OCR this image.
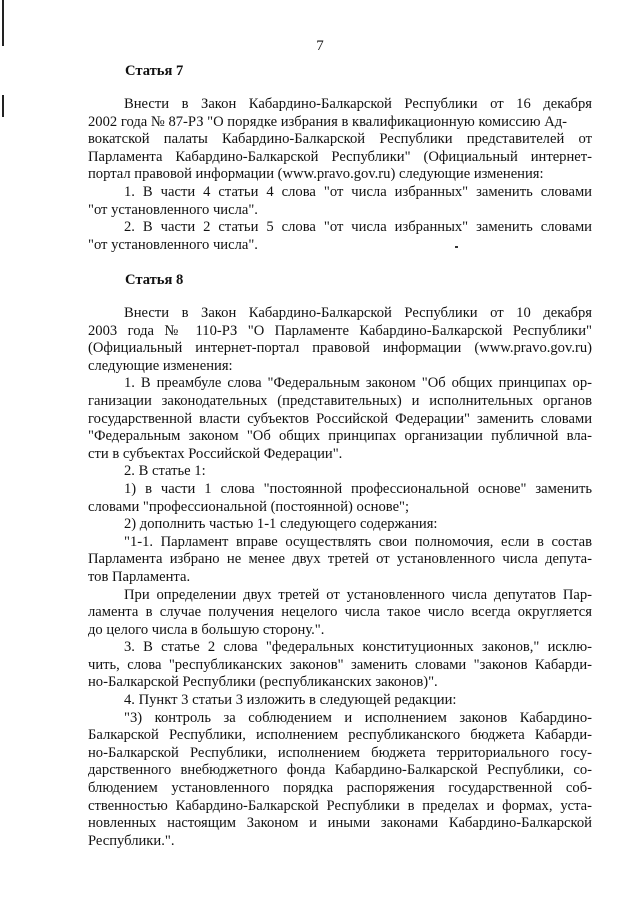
7
Статья 7

Внести в Закон Кабардино-Балкарской Республики от 16 декабря

2002 года № 87-РЗ "О порядке избрания в квалификационную комиссию Ад-

вокатской палаты Кабардино-Балкарской Республики представителей от

Парламента Кабардино-Балкарской Республики" (Официальный интернет-

портал правовой информации (www.pravo.gov.ru) следующие изменения:

1. В части 4 статьи 4 слова "от числа избранных" заменить словами

"от установленного числа".

2. В части 2 статьи 5 слова "от числа избранных" заменить словами

"от установленного числа".

Статья 8

Внести в Закон Кабардино-Балкарской Республики от 10 декабря

2003 года № 110-РЗ "О Парламенте Кабардино-Балкарской Республики"

(Официальный интернет-портал правовой информации (www.pravo.gov.ru)

следующие изменения:

1. В преамбуле слова "Федеральным законом "Об общих принципах ор-

ганизации законодательных (представительных) и исполнительных органов

государственной власти субъектов Российской Федерации" заменить словами

"Федеральным законом "Об общих принципах организации публичной вла-

сти в субъектах Российской Федерации".

2. В статье 1:

1) в части 1 слова "постоянной профессиональной основе" заменить

словами "профессиональной (постоянной) основе";

2) дополнить частью 1-1 следующего содержания:

"1-1. Парламент вправе осуществлять свои полномочия, если в состав

Парламента избрано не менее двух третей от установленного числа депута-

тов Парламента.

При определении двух третей от установленного числа депутатов Пар-

ламента в случае получения нецелого числа такое число всегда округляется

до целого числа в большую сторону.".

3. В статье 2 слова "федеральных конституционных законов," исклю-

чить, слова "республиканских законов" заменить словами "законов Кабарди-

но-Балкарской Республики (республиканских законов)".

4. Пункт 3 статьи 3 изложить в следующей редакции:

"3) контроль за соблюдением и исполнением законов Кабардино-

Балкарской Республики, исполнением республиканского бюджета Кабарди-

но-Балкарской Республики, исполнением бюджета территориального госу-

дарственного внебюджетного фонда Кабардино-Балкарской Республики, со-

блюдением установленного порядка распоряжения государственной соб-

ственностью Кабардино-Балкарской Республики в пределах и формах, уста-

новленных настоящим Законом и иными законами Кабардино-Балкарской

Республики.".
